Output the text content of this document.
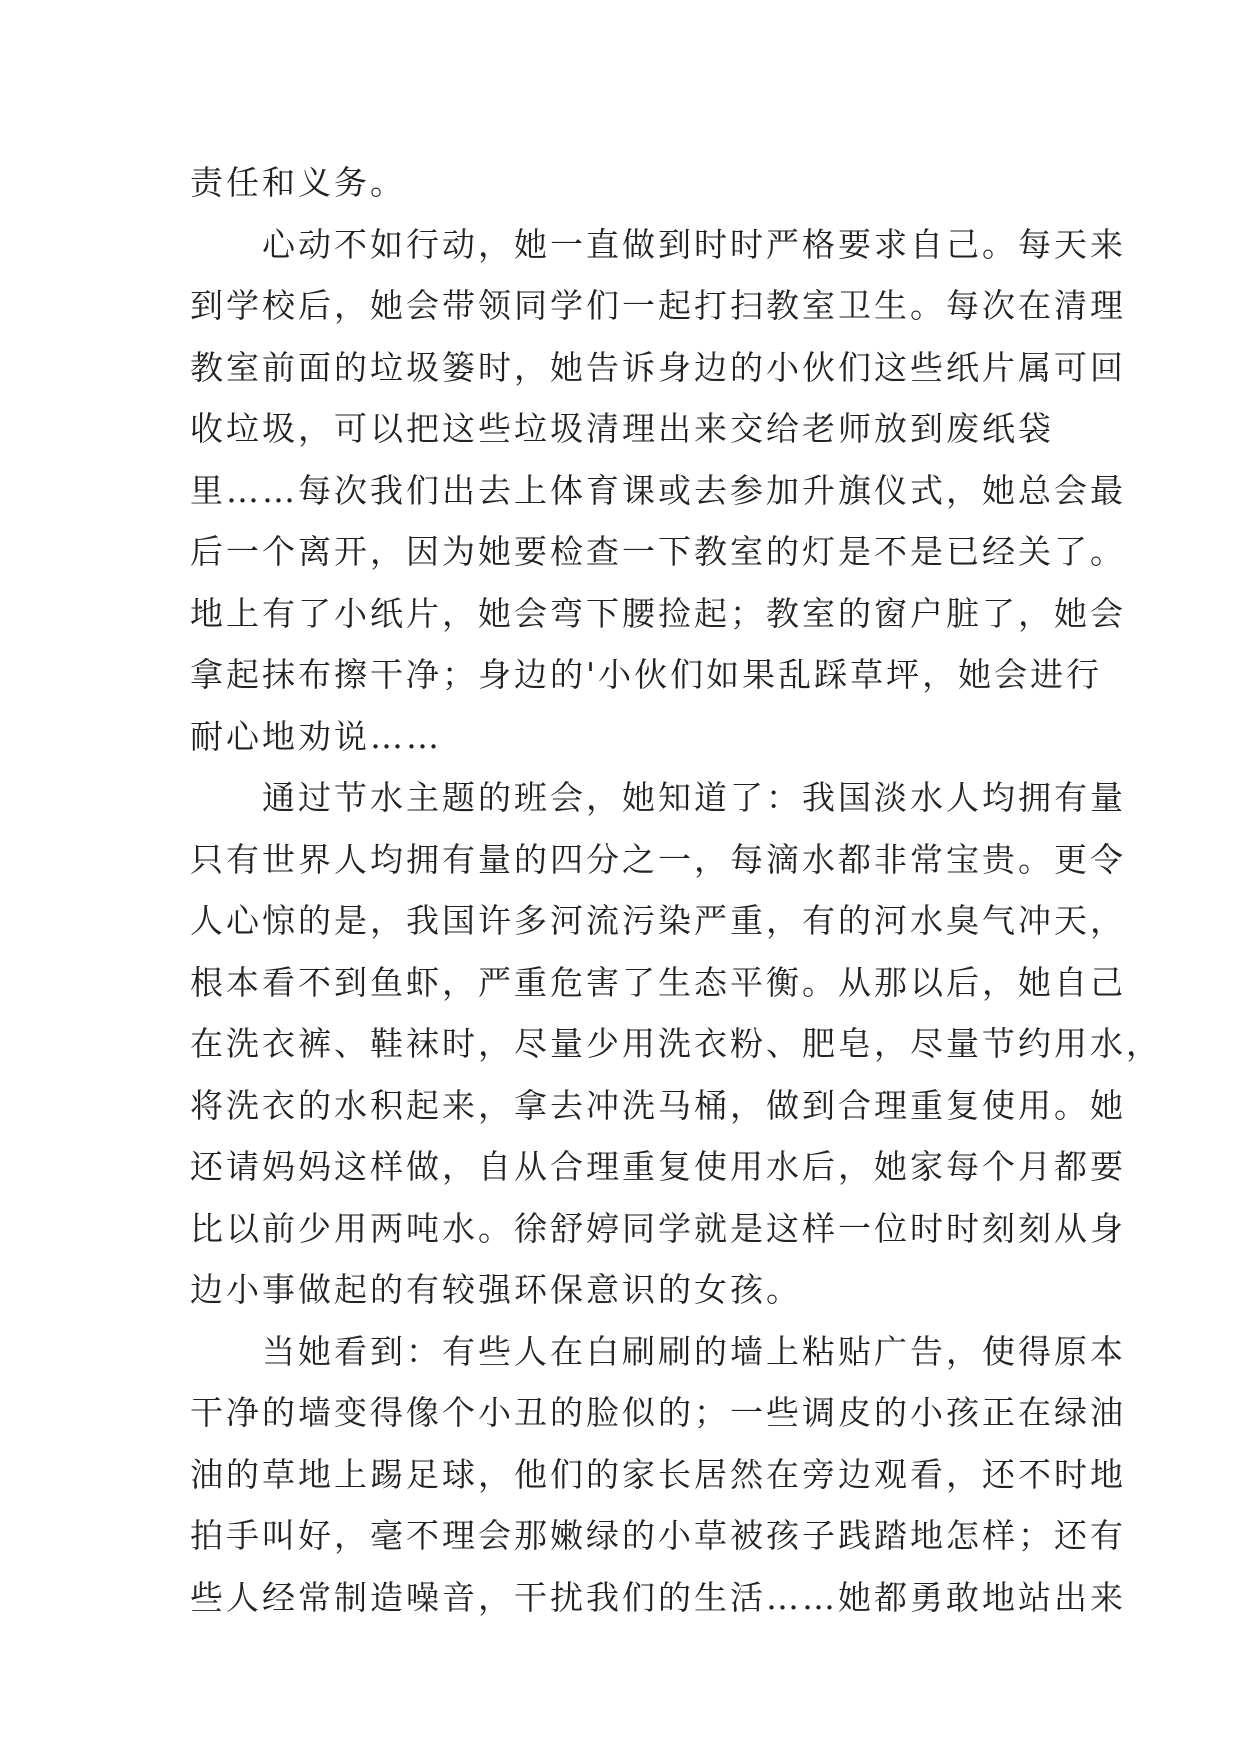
责任和义务。
　　心动不如行动，她一直做到时时严格要求自己。每天来
到学校后，她会带领同学们一起打扫教室卫生。每次在清理
教室前面的垃圾篓时，她告诉身边的小伙们这些纸片属可回
收垃圾，可以把这些垃圾清理出来交给老师放到废纸袋
里……每次我们出去上体育课或去参加升旗仪式，她总会最
后一个离开，因为她要检查一下教室的灯是不是已经关了。
地上有了小纸片，她会弯下腰捡起；教室的窗户脏了，她会
拿起抹布擦干净；身边的'小伙们如果乱踩草坪，她会进行
耐心地劝说……
　　通过节水主题的班会，她知道了：我国淡水人均拥有量
只有世界人均拥有量的四分之一，每滴水都非常宝贵。更令
人心惊的是，我国许多河流污染严重，有的河水臭气冲天，
根本看不到鱼虾，严重危害了生态平衡。从那以后，她自己
在洗衣裤、鞋袜时，尽量少用洗衣粉、肥皂，尽量节约用水，
将洗衣的水积起来，拿去冲洗马桶，做到合理重复使用。她
还请妈妈这样做，自从合理重复使用水后，她家每个月都要
比以前少用两吨水。徐舒婷同学就是这样一位时时刻刻从身
边小事做起的有较强环保意识的女孩。
　　当她看到：有些人在白刷刷的墙上粘贴广告，使得原本
干净的墙变得像个小丑的脸似的；一些调皮的小孩正在绿油
油的草地上踢足球，他们的家长居然在旁边观看，还不时地
拍手叫好，毫不理会那嫩绿的小草被孩子践踏地怎样；还有
些人经常制造噪音，干扰我们的生活……她都勇敢地站出来
